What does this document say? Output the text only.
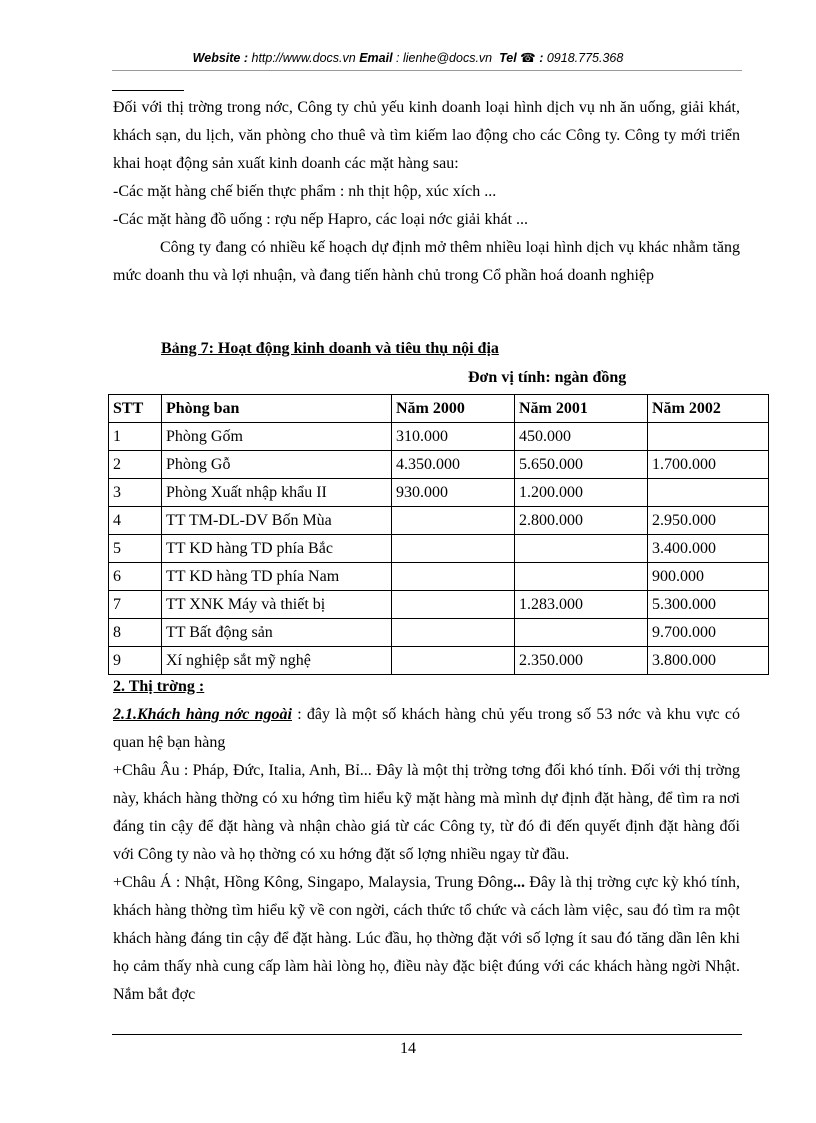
Website : http://www.docs.vn Email : lienhe@docs.vn Tel ☎ : 0918.775.368

Đối với thị trờng trong nớc, Công ty chủ yếu kinh doanh loại hình dịch vụ nh ăn uống, giải khát, khách sạn, du lịch, văn phòng cho thuê và tìm kiếm lao động cho các Công ty. Công ty mới triển khai hoạt động sản xuất kinh doanh các mặt hàng sau:

-Các mặt hàng chế biến thực phẩm : nh thịt hộp, xúc xích ...

-Các mặt hàng đồ uống : rợu nếp Hapro, các loại nớc giải khát ...

Công ty đang có nhiều kế hoạch dự định mở thêm nhiều loại hình dịch vụ khác nhằm tăng mức doanh thu và lợi nhuận, và đang tiến hành chủ trong Cổ phần hoá doanh nghiệp

Bảng 7: Hoạt động kinh doanh và tiêu thụ nội địa
Đơn vị tính: ngàn đồng
STT	Phòng ban	Năm 2000	Năm 2001	Năm 2002
1	Phòng Gốm	310.000	450.000	
2	Phòng Gỗ	4.350.000	5.650.000	1.700.000
3	Phòng Xuất nhập khẩu II	930.000	1.200.000	
4	TT TM-DL-DV Bốn Mùa		2.800.000	2.950.000
5	TT KD hàng TD phía Bắc			3.400.000
6	TT KD hàng TD phía Nam			900.000
7	TT XNK Máy và thiết bị		1.283.000	5.300.000
8	TT Bất động sản			9.700.000
9	Xí nghiệp sắt mỹ nghệ		2.350.000	3.800.000

2. Thị trờng :

2.1.Khách hàng nớc ngoài : đây là một số khách hàng chủ yếu trong số 53 nớc và khu vực có quan hệ bạn hàng

+Châu Âu : Pháp, Đức, Italia, Anh, Bỉ... Đây là một thị trờng tơng đối khó tính. Đối với thị trờng này, khách hàng thờng có xu hớng tìm hiểu kỹ mặt hàng mà mình dự định đặt hàng, để tìm ra nơi đáng tin cậy để đặt hàng và nhận chào giá từ các Công ty, từ đó đi đến quyết định đặt hàng đối với Công ty nào và họ thờng có xu hớng đặt số lợng nhiều ngay từ đầu.

+Châu Á : Nhật, Hồng Kông, Singapo, Malaysia, Trung Đông... Đây là thị trờng cực kỳ khó tính, khách hàng thờng tìm hiểu kỹ về con ngời, cách thức tổ chức và cách làm việc, sau đó tìm ra một khách hàng đáng tin cậy để đặt hàng. Lúc đầu, họ thờng đặt với số lợng ít sau đó tăng dần lên khi họ cảm thấy nhà cung cấp làm hài lòng họ, điều này đặc biệt đúng với các khách hàng ngời Nhật. Nắm bắt đợc

14
